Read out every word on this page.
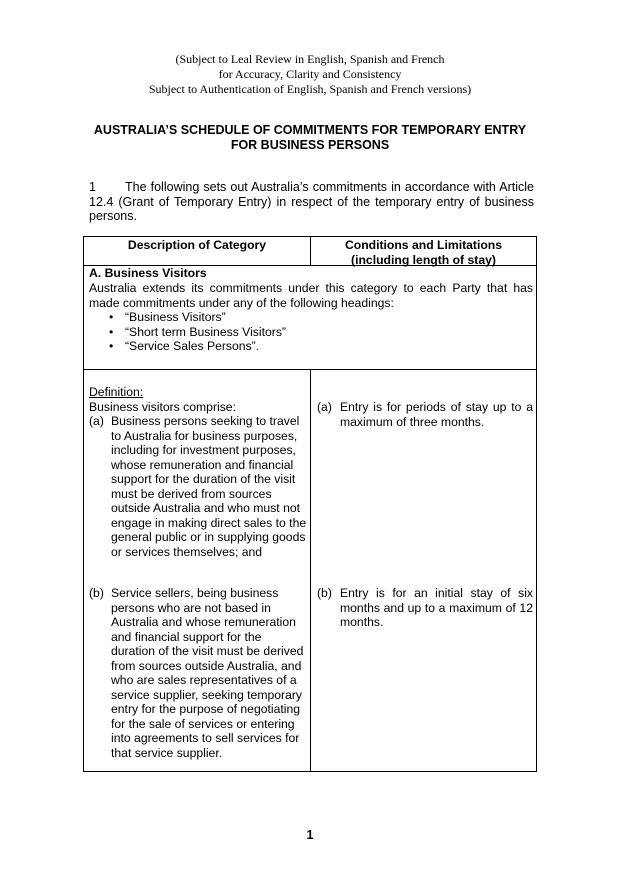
(Subject to Leal Review in English, Spanish and French
for Accuracy, Clarity and Consistency
Subject to Authentication of English, Spanish and French versions)
AUSTRALIA’S SCHEDULE OF COMMITMENTS FOR TEMPORARY ENTRY
FOR BUSINESS PERSONS
1 The following sets out Australia’s commitments in accordance with Article 12.4 (Grant of Temporary Entry) in respect of the temporary entry of business persons.
Description of Category	Conditions and Limitations
(including length of stay)
A. Business Visitors
Australia extends its commitments under this category to each Party that has made commitments under any of the following headings:
• “Business Visitors”
• “Short term Business Visitors”
• “Service Sales Persons”.
Definition:
Business visitors comprise:
(a) Business persons seeking to travel to Australia for business purposes, including for investment purposes, whose remuneration and financial support for the duration of the visit must be derived from sources outside Australia and who must not engage in making direct sales to the general public or in supplying goods or services themselves; and
(a) Entry is for periods of stay up to a maximum of three months.
(b) Service sellers, being business persons who are not based in Australia and whose remuneration and financial support for the duration of the visit must be derived from sources outside Australia, and who are sales representatives of a service supplier, seeking temporary entry for the purpose of negotiating for the sale of services or entering into agreements to sell services for that service supplier.
(b) Entry is for an initial stay of six months and up to a maximum of 12 months.
1
